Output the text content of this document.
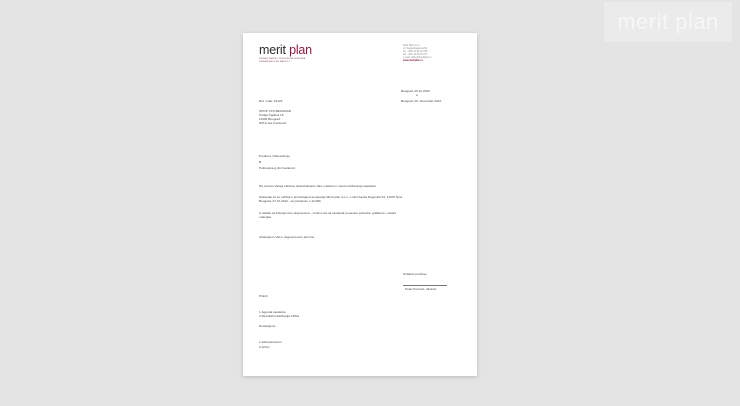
merit plan
merit plan
UPRAVLJANJE LJUDSKIM RESURSIMA
ORGANIZACIONI RAZVOJ
Merit Plan d.o.o.
ul. Svetje Dagoveta 54
tel.: +381 11 63 42 078
fax: +381 11 63 42 077
e-mail: office@meritplan.rs
www.meritplan.rs
Beograd, 25.12.2012.
a
Beograd, 25. decembar 2012.
Ref. znak: 22123
SHOP XXX BEOGRAD
Čarlija Čaplina 16
11000 Beograd
N/P.G.Ga Cvetković
Predmet: Obaveštenje
B
Poštovana g-đo Cvetković,
Na osnovu Vašeg zahteva obaveštavamo Vas o datumu i mestu održavanja sastanka.
Sastanak će se održati u prostorijama kompanije Merit plan d.o.o. u ulici Savka Dugovića 54, 11070 Novi
Beograd, 27.12.2012., sa početkom u 12:00h.
U skladu sa kriterijumom dogovoreno , molimo da na sastanak ponesete potrebne grafikone i ostalni
materijal.
Očekujemo Vas u dogovorenom terminu.
Srdačan pozdrav,
Petar Petrović, direktor
Prilozi:
1.Agenda sastanka
2.Rezultati istraživanja tržišta
Dostavljeno:
1.Adresantunum
2.Arhivi
